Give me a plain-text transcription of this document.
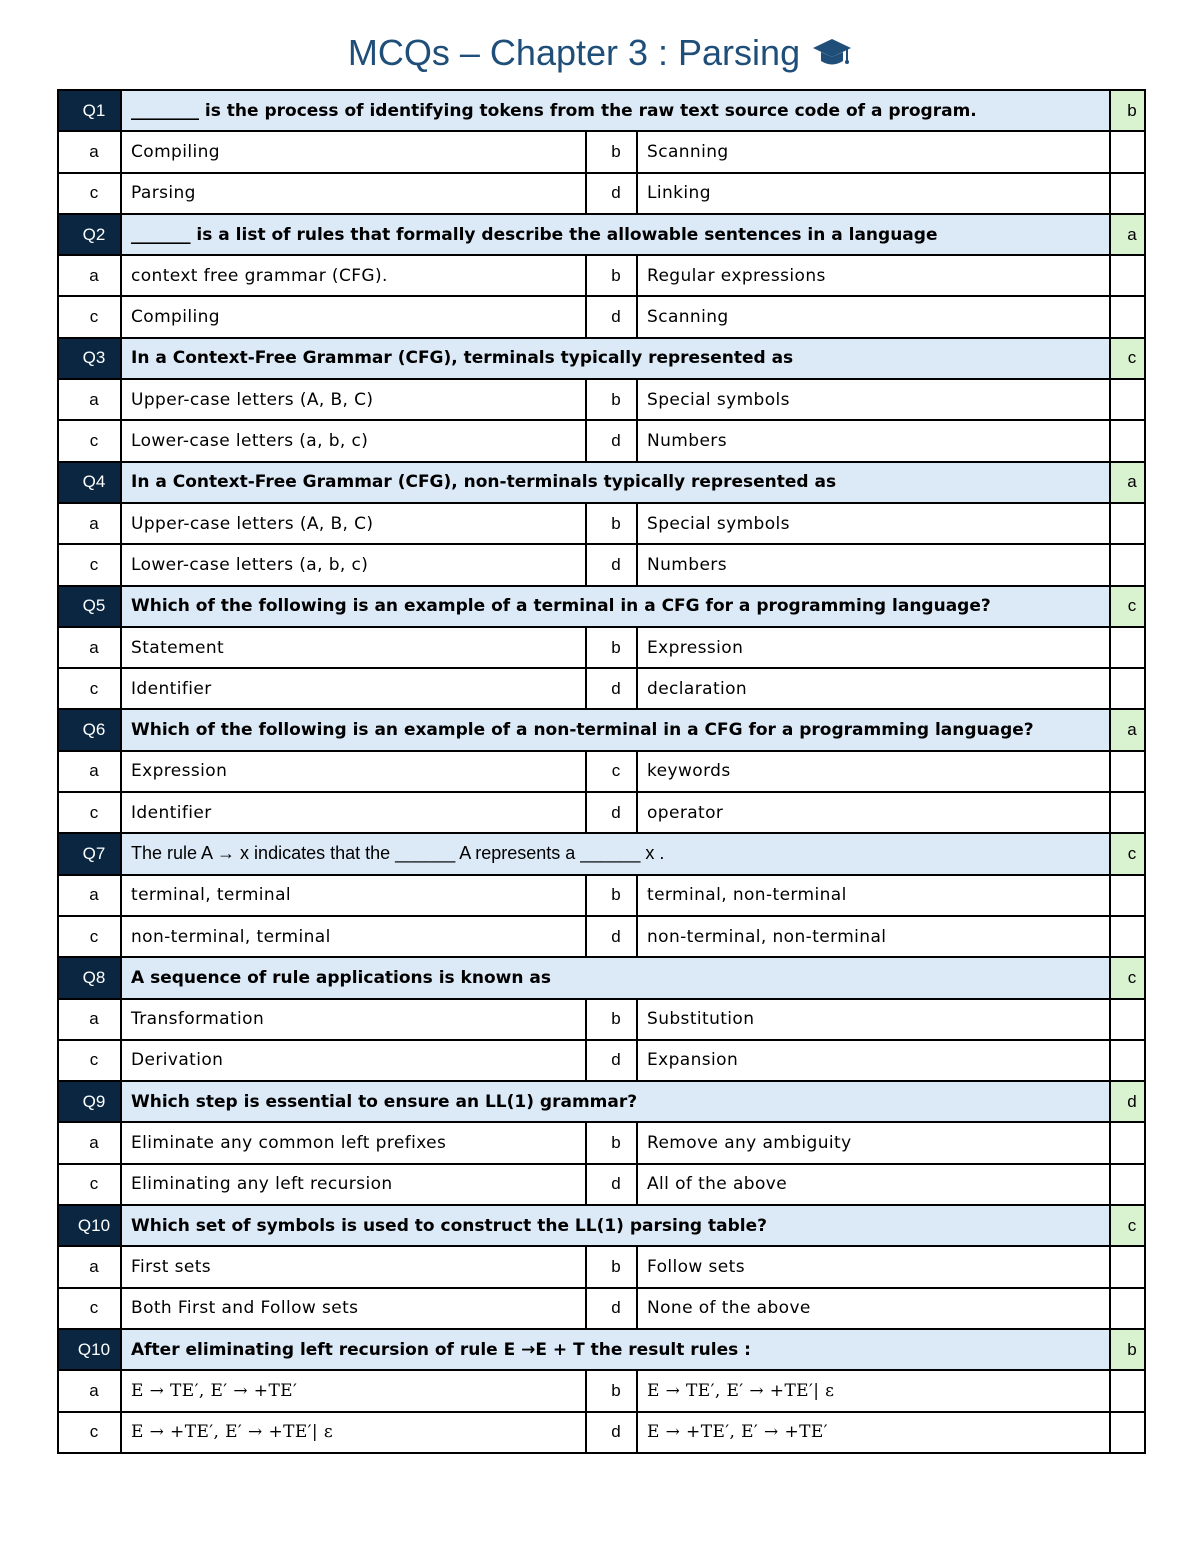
MCQs – Chapter 3 : Parsing
Q1	________ is the process of identifying tokens from the raw text source code of a program.			b
a	Compiling	b	Scanning	
c	Parsing	d	Linking	
Q2	_______ is a list of rules that formally describe the allowable sentences in a language			a
a	context free grammar (CFG).	b	Regular expressions	
c	Compiling	d	Scanning	
Q3	In a Context-Free Grammar (CFG), terminals typically represented as			c
a	Upper-case letters (A, B, C)	b	Special symbols	
c	Lower-case letters (a, b, c)	d	Numbers	
Q4	In a Context-Free Grammar (CFG), non-terminals typically represented as			a
a	Upper-case letters (A, B, C)	b	Special symbols	
c	Lower-case letters (a, b, c)	d	Numbers	
Q5	Which of the following is an example of a terminal in a CFG for a programming language?			c
a	Statement	b	Expression	
c	Identifier	d	declaration	
Q6	Which of the following is an example of a non-terminal in a CFG for a programming language?			a
a	Expression	c	keywords	
c	Identifier	d	operator	
Q7	The rule A → x indicates that the ______ A represents a ______ x .			c
a	terminal, terminal	b	terminal, non-terminal	
c	non-terminal, terminal	d	non-terminal, non-terminal	
Q8	A sequence of rule applications is known as			c
a	Transformation	b	Substitution	
c	Derivation	d	Expansion	
Q9	Which step is essential to ensure an LL(1) grammar?			d
a	Eliminate any common left prefixes	b	Remove any ambiguity	
c	Eliminating any left recursion	d	All of the above	
Q10	Which set of symbols is used to construct the LL(1) parsing table?			c
a	First sets	b	Follow sets	
c	Both First and Follow sets	d	None of the above	
Q10	After eliminating left recursion of rule E →E + T the result rules :			b
a	E → TE′, E′ → +TE′	b	E → TE′, E′ → +TE′| ε	
c	E → +TE′, E′ → +TE′| ε	d	E → +TE′, E′ → +TE′	
